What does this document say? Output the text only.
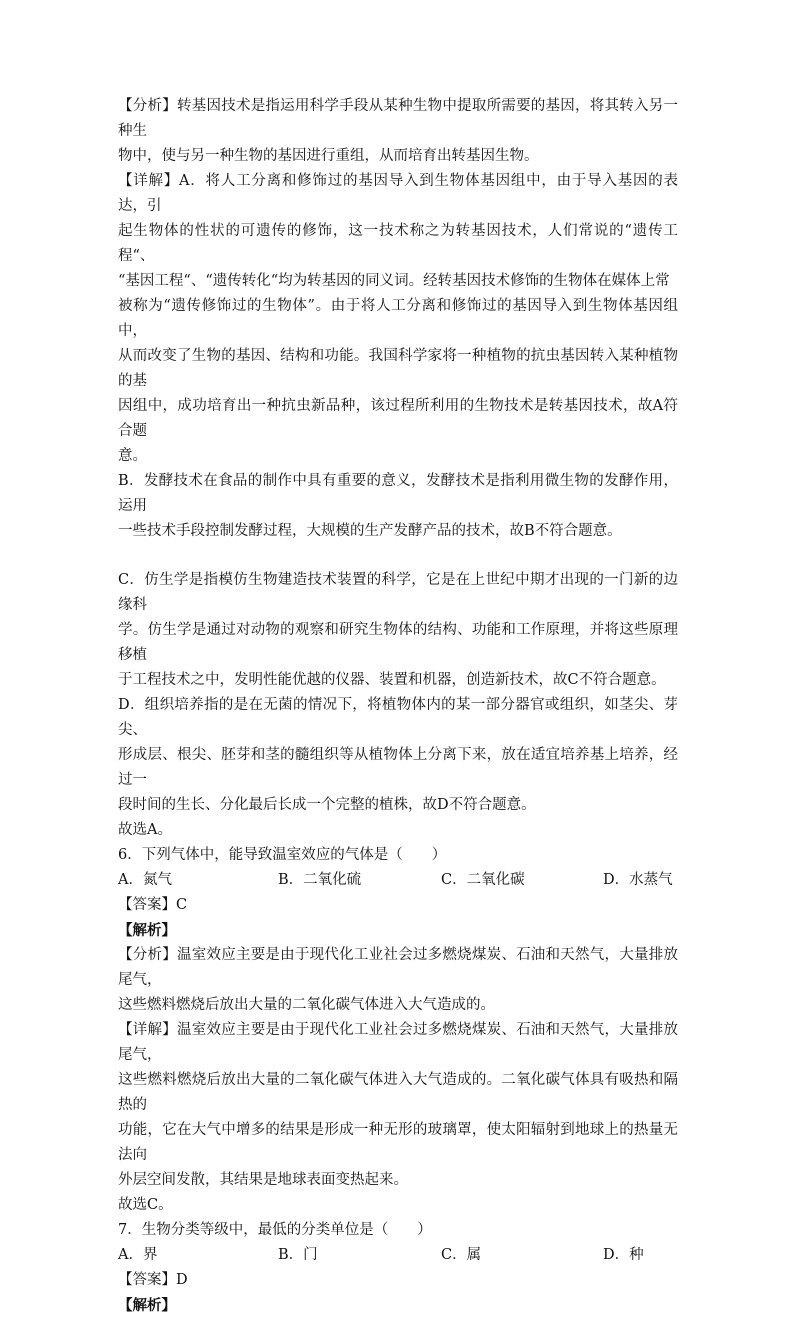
【分析】转基因技术是指运用科学手段从某种生物中提取所需要的基因，将其转入另一种生

物中，使与另一种生物的基因进行重组，从而培育出转基因生物。

【详解】A．将人工分离和修饰过的基因导入到生物体基因组中，由于导入基因的表达，引

起生物体的性状的可遗传的修饰，这一技术称之为转基因技术，人们常说的“遗传工程“、

“基因工程“、“遗传转化“均为转基因的同义词。经转基因技术修饰的生物体在媒体上常

被称为“遗传修饰过的生物体”。由于将人工分离和修饰过的基因导入到生物体基因组中，

从而改变了生物的基因、结构和功能。我国科学家将一种植物的抗虫基因转入某种植物的基

因组中，成功培育出一种抗虫新品种，该过程所利用的生物技术是转基因技术，故A符合题

意。

B．发酵技术在食品的制作中具有重要的意义，发酵技术是指利用微生物的发酵作用，运用

一些技术手段控制发酵过程，大规模的生产发酵产品的技术，故B不符合题意。

C．仿生学是指模仿生物建造技术装置的科学，它是在上世纪中期才出现的一门新的边缘科

学。仿生学是通过对动物的观察和研究生物体的结构、功能和工作原理，并将这些原理移植

于工程技术之中，发明性能优越的仪器、装置和机器，创造新技术，故C不符合题意。

D．组织培养指的是在无菌的情况下，将植物体内的某一部分器官或组织，如茎尖、芽尖、

形成层、根尖、胚芽和茎的髓组织等从植物体上分离下来，放在适宜培养基上培养，经过一

段时间的生长、分化最后长成一个完整的植株，故D不符合题意。

故选A。

6．下列气体中，能导致温室效应的气体是（　　）

A．氮气	B．二氧化硫	C．二氧化碳	D．水蒸气

【答案】C

【解析】

【分析】温室效应主要是由于现代化工业社会过多燃烧煤炭、石油和天然气，大量排放尾气，

这些燃料燃烧后放出大量的二氧化碳气体进入大气造成的。

【详解】温室效应主要是由于现代化工业社会过多燃烧煤炭、石油和天然气，大量排放尾气，

这些燃料燃烧后放出大量的二氧化碳气体进入大气造成的。二氧化碳气体具有吸热和隔热的

功能，它在大气中增多的结果是形成一种无形的玻璃罩，使太阳辐射到地球上的热量无法向

外层空间发散，其结果是地球表面变热起来。

故选C。

7．生物分类等级中，最低的分类单位是（　　）

A．界	B．门	C．属	D．种

【答案】D

【解析】
